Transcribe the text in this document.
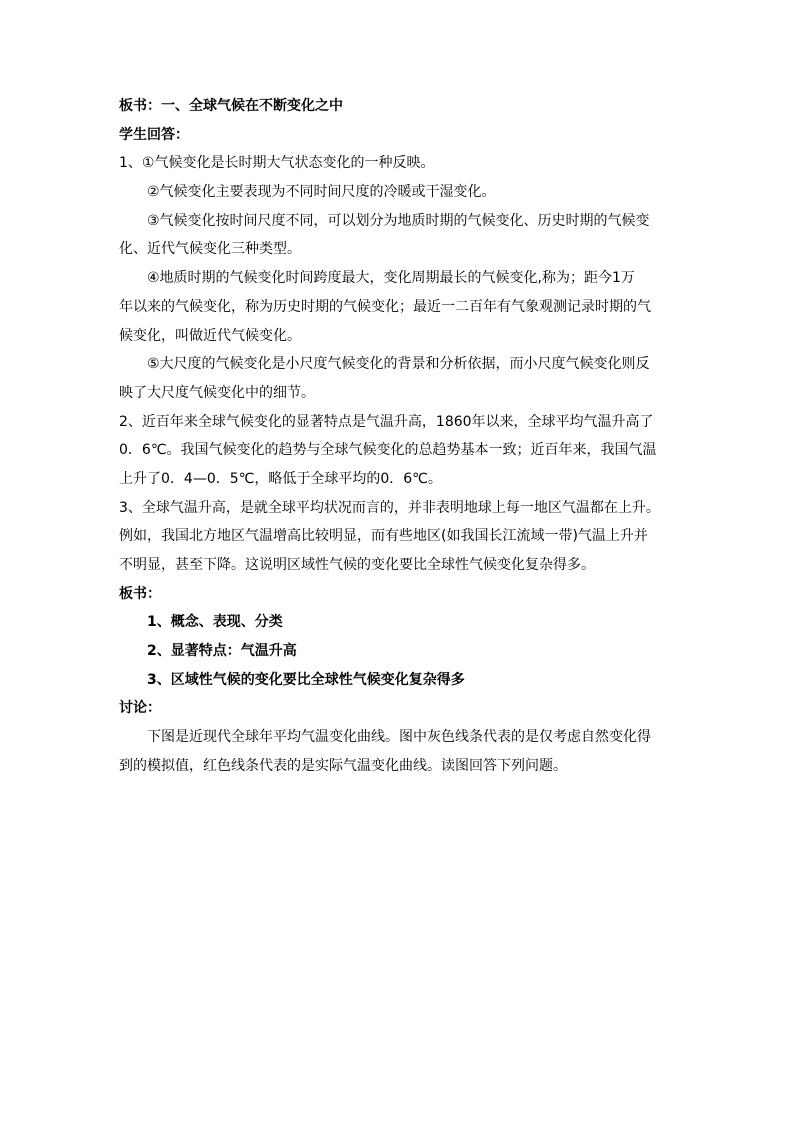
板书：一、全球气候在不断变化之中
学生回答：
1、①气候变化是长时期大气状态变化的一种反映。
②气候变化主要表现为不同时间尺度的冷暖或干湿变化。
③气候变化按时间尺度不同，可以划分为地质时期的气候变化、历史时期的气候变
化、近代气候变化三种类型。
④地质时期的气候变化时间跨度最大，变化周期最长的气候变化,称为；距今1万
年以来的气候变化，称为历史时期的气候变化；最近一二百年有气象观测记录时期的气
候变化，叫做近代气候变化。
⑤大尺度的气候变化是小尺度气候变化的背景和分析依据，而小尺度气候变化则反
映了大尺度气候变化中的细节。
2、近百年来全球气候变化的显著特点是气温升高，1860年以来，全球平均气温升高了
0．6℃。我国气候变化的趋势与全球气候变化的总趋势基本一致；近百年来，我国气温
上升了0．4—0．5℃，略低于全球平均的0．6℃。
3、全球气温升高，是就全球平均状况而言的，并非表明地球上每一地区气温都在上升。
例如，我国北方地区气温增高比较明显，而有些地区(如我国长江流域一带)气温上升并
不明显，甚至下降。这说明区域性气候的变化要比全球性气候变化复杂得多。
板书：
1、概念、表现、分类
2、显著特点：气温升高
3、区域性气候的变化要比全球性气候变化复杂得多
讨论：
下图是近现代全球年平均气温变化曲线。图中灰色线条代表的是仅考虑自然变化得
到的模拟值，红色线条代表的是实际气温变化曲线。读图回答下列问题。
